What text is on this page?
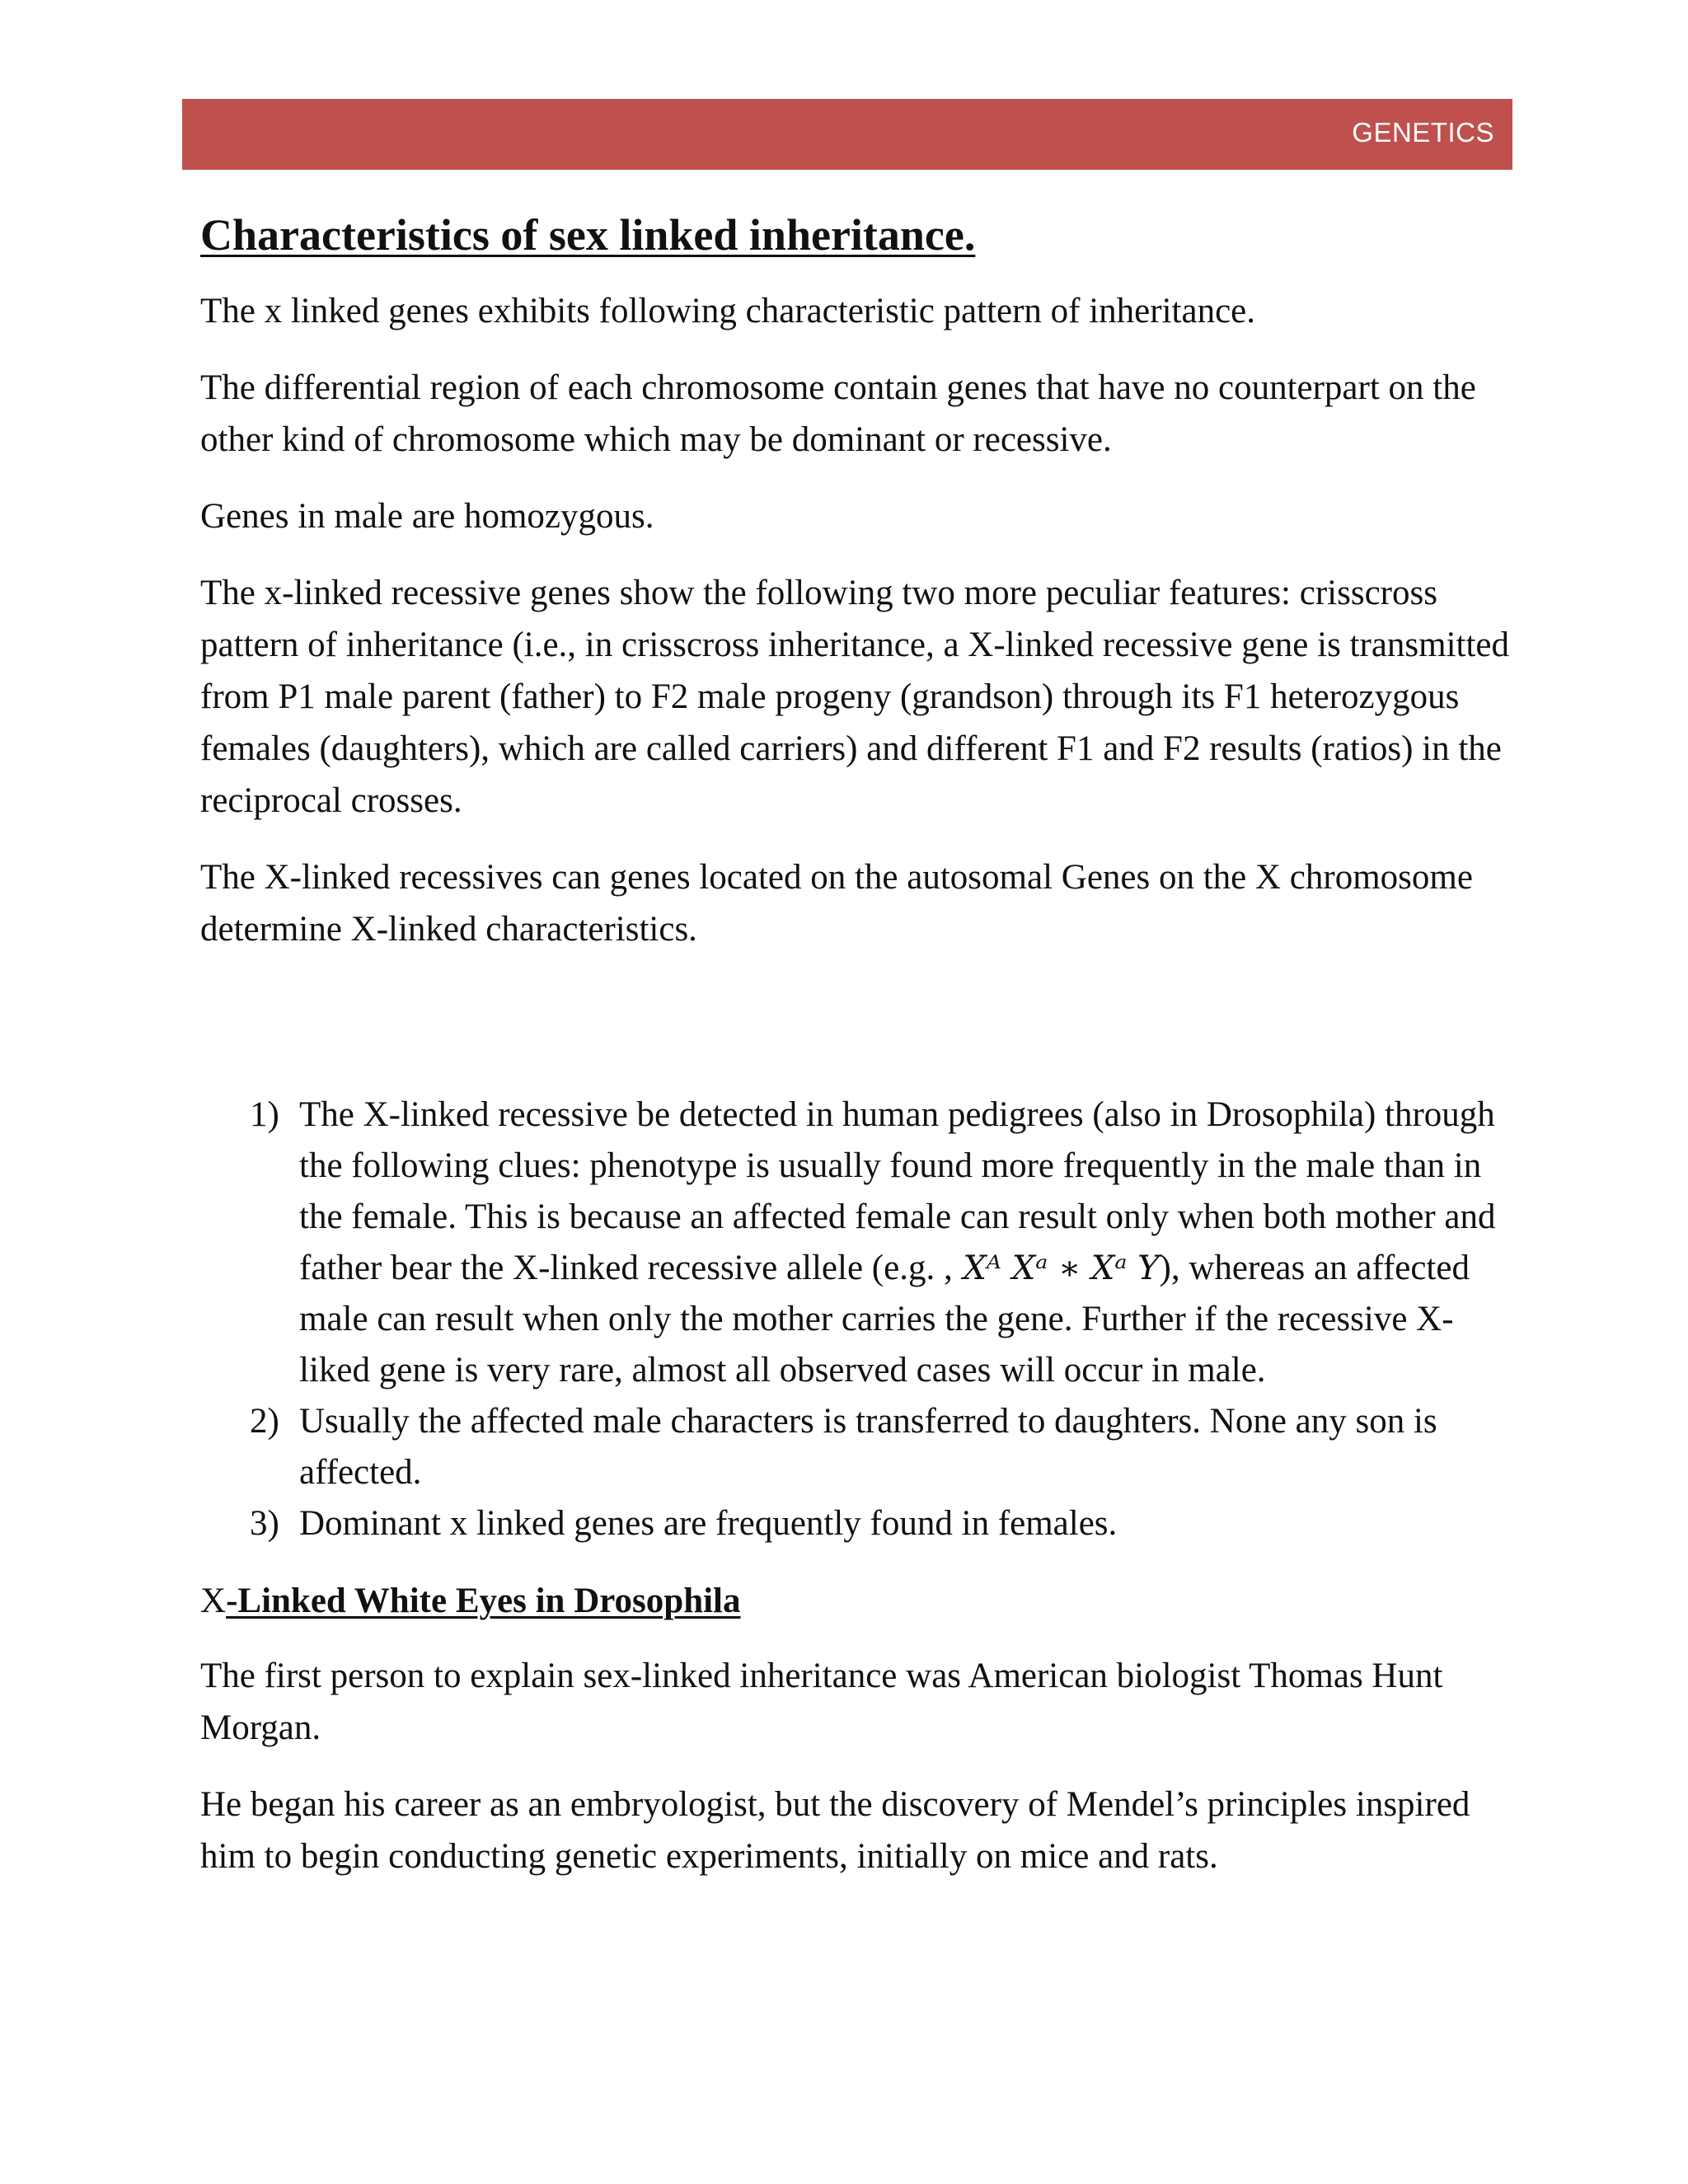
GENETICS
Characteristics of sex linked inheritance.

The x linked genes exhibits following characteristic pattern of inheritance.

The differential region of each chromosome contain genes that have no counterpart on the other kind of chromosome which may be dominant or recessive.

Genes in male are homozygous.

The x-linked recessive genes show the following two more peculiar features: crisscross pattern of inheritance (i.e., in crisscross inheritance, a X-linked recessive gene is transmitted from P1 male parent (father) to F2 male progeny (grandson) through its F1 heterozygous females (daughters), which are called carriers) and different F1 and F2 results (ratios) in the reciprocal crosses.

The X-linked recessives can genes located on the autosomal Genes on the X chromosome determine X-linked characteristics.

1) The X-linked recessive be detected in human pedigrees (also in Drosophila) through the following clues: phenotype is usually found more frequently in the male than in the female. This is because an affected female can result only when both mother and father bear the X-linked recessive allele (e.g. , Xᴬ Xᵃ ∗ Xᵃ Y), whereas an affected male can result when only the mother carries the gene. Further if the recessive X-liked gene is very rare, almost all observed cases will occur in male.
2) Usually the affected male characters is transferred to daughters. None any son is affected.
3) Dominant x linked genes are frequently found in females.
X-Linked White Eyes in Drosophila

The first person to explain sex-linked inheritance was American biologist Thomas Hunt Morgan.

He began his career as an embryologist, but the discovery of Mendel’s principles inspired him to begin conducting genetic experiments, initially on mice and rats.
